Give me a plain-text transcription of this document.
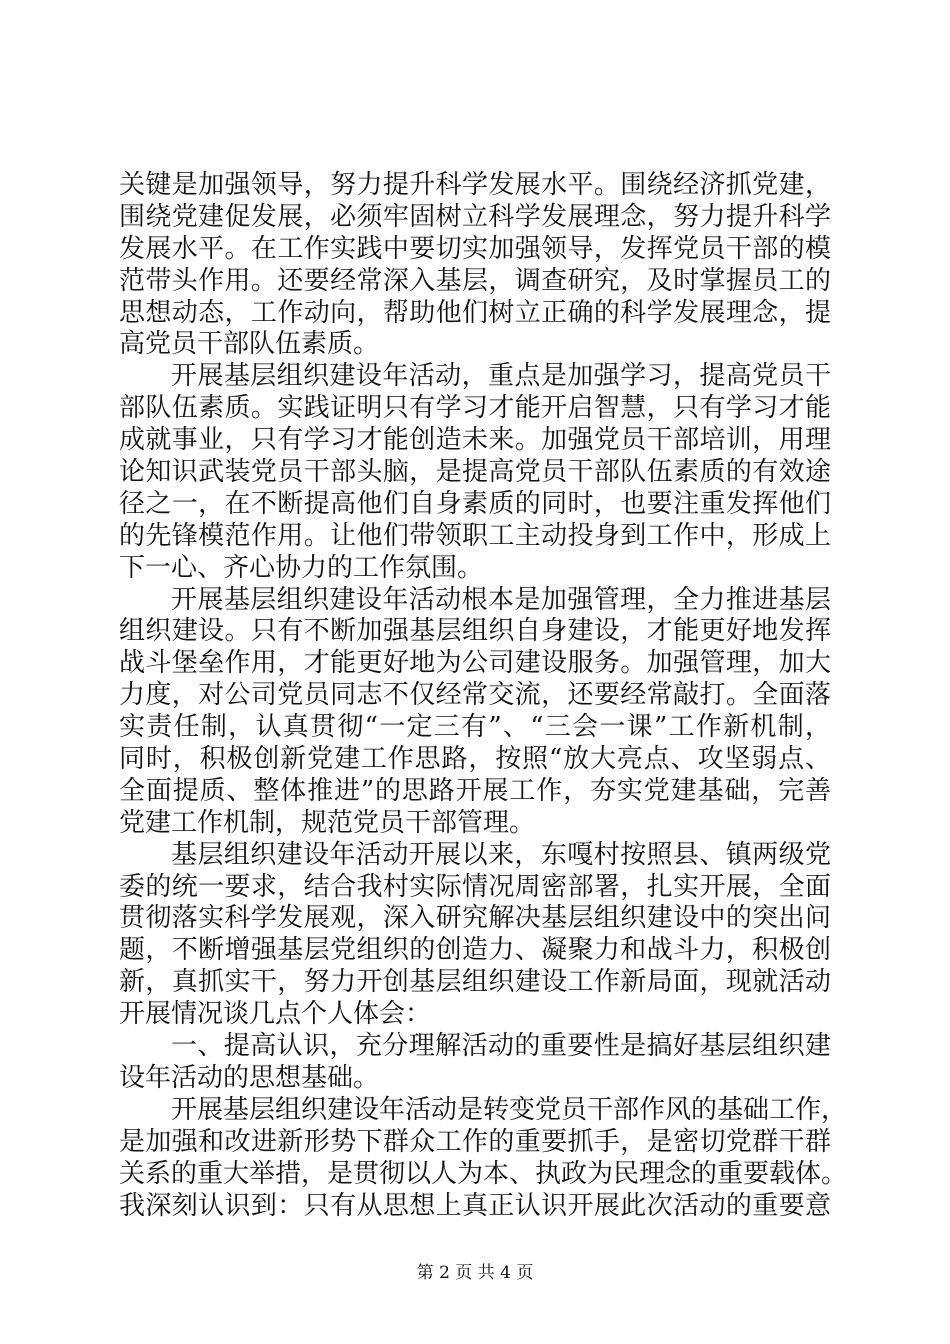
关键是加强领导，努力提升科学发展水平。围绕经济抓党建，
围绕党建促发展，必须牢固树立科学发展理念，努力提升科学
发展水平。在工作实践中要切实加强领导，发挥党员干部的模
范带头作用。还要经常深入基层，调查研究，及时掌握员工的
思想动态，工作动向，帮助他们树立正确的科学发展理念，提
高党员干部队伍素质。
开展基层组织建设年活动，重点是加强学习，提高党员干
部队伍素质。实践证明只有学习才能开启智慧，只有学习才能
成就事业，只有学习才能创造未来。加强党员干部培训，用理
论知识武装党员干部头脑，是提高党员干部队伍素质的有效途
径之一，在不断提高他们自身素质的同时，也要注重发挥他们
的先锋模范作用。让他们带领职工主动投身到工作中，形成上
下一心、齐心协力的工作氛围。
开展基层组织建设年活动根本是加强管理，全力推进基层
组织建设。只有不断加强基层组织自身建设，才能更好地发挥
战斗堡垒作用，才能更好地为公司建设服务。加强管理，加大
力度，对公司党员同志不仅经常交流，还要经常敲打。全面落
实责任制，认真贯彻“一定三有”、“三会一课”工作新机制，
同时，积极创新党建工作思路，按照“放大亮点、攻坚弱点、
全面提质、整体推进”的思路开展工作，夯实党建基础，完善
党建工作机制，规范党员干部管理。
基层组织建设年活动开展以来，东嘎村按照县、镇两级党
委的统一要求，结合我村实际情况周密部署，扎实开展，全面
贯彻落实科学发展观，深入研究解决基层组织建设中的突出问
题，不断增强基层党组织的创造力、凝聚力和战斗力，积极创
新，真抓实干，努力开创基层组织建设工作新局面，现就活动
开展情况谈几点个人体会：
一、提高认识，充分理解活动的重要性是搞好基层组织建
设年活动的思想基础。
开展基层组织建设年活动是转变党员干部作风的基础工作，
是加强和改进新形势下群众工作的重要抓手，是密切党群干群
关系的重大举措，是贯彻以人为本、执政为民理念的重要载体。
我深刻认识到：只有从思想上真正认识开展此次活动的重要意
第 2 页 共 4 页
